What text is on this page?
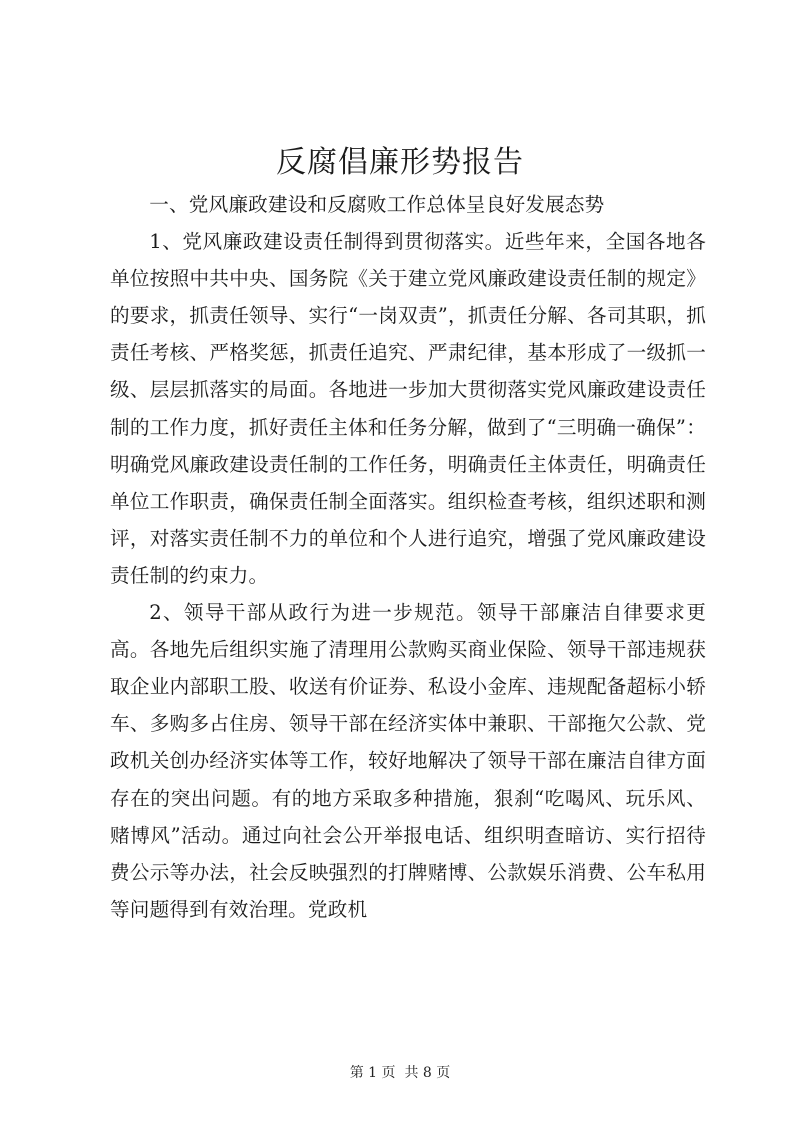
反腐倡廉形势报告

一、党风廉政建设和反腐败工作总体呈良好发展态势

1、党风廉政建设责任制得到贯彻落实。近些年来，全国各地各单位按照中共中央、国务院《关于建立党风廉政建设责任制的规定》的要求，抓责任领导、实行“一岗双责”，抓责任分解、各司其职，抓责任考核、严格奖惩，抓责任追究、严肃纪律，基本形成了一级抓一级、层层抓落实的局面。各地进一步加大贯彻落实党风廉政建设责任制的工作力度，抓好责任主体和任务分解，做到了“三明确一确保”：明确党风廉政建设责任制的工作任务，明确责任主体责任，明确责任单位工作职责，确保责任制全面落实。组织检查考核，组织述职和测评，对落实责任制不力的单位和个人进行追究，增强了党风廉政建设责任制的约束力。

2、领导干部从政行为进一步规范。领导干部廉洁自律要求更高。各地先后组织实施了清理用公款购买商业保险、领导干部违规获取企业内部职工股、收送有价证券、私设小金库、违规配备超标小轿车、多购多占住房、领导干部在经济实体中兼职、干部拖欠公款、党政机关创办经济实体等工作，较好地解决了领导干部在廉洁自律方面存在的突出问题。有的地方采取多种措施，狠刹“吃喝风、玩乐风、赌博风”活动。通过向社会公开举报电话、组织明查暗访、实行招待费公示等办法，社会反映强烈的打牌赌博、公款娱乐消费、公车私用等问题得到有效治理。党政机

第 1 页  共 8 页
